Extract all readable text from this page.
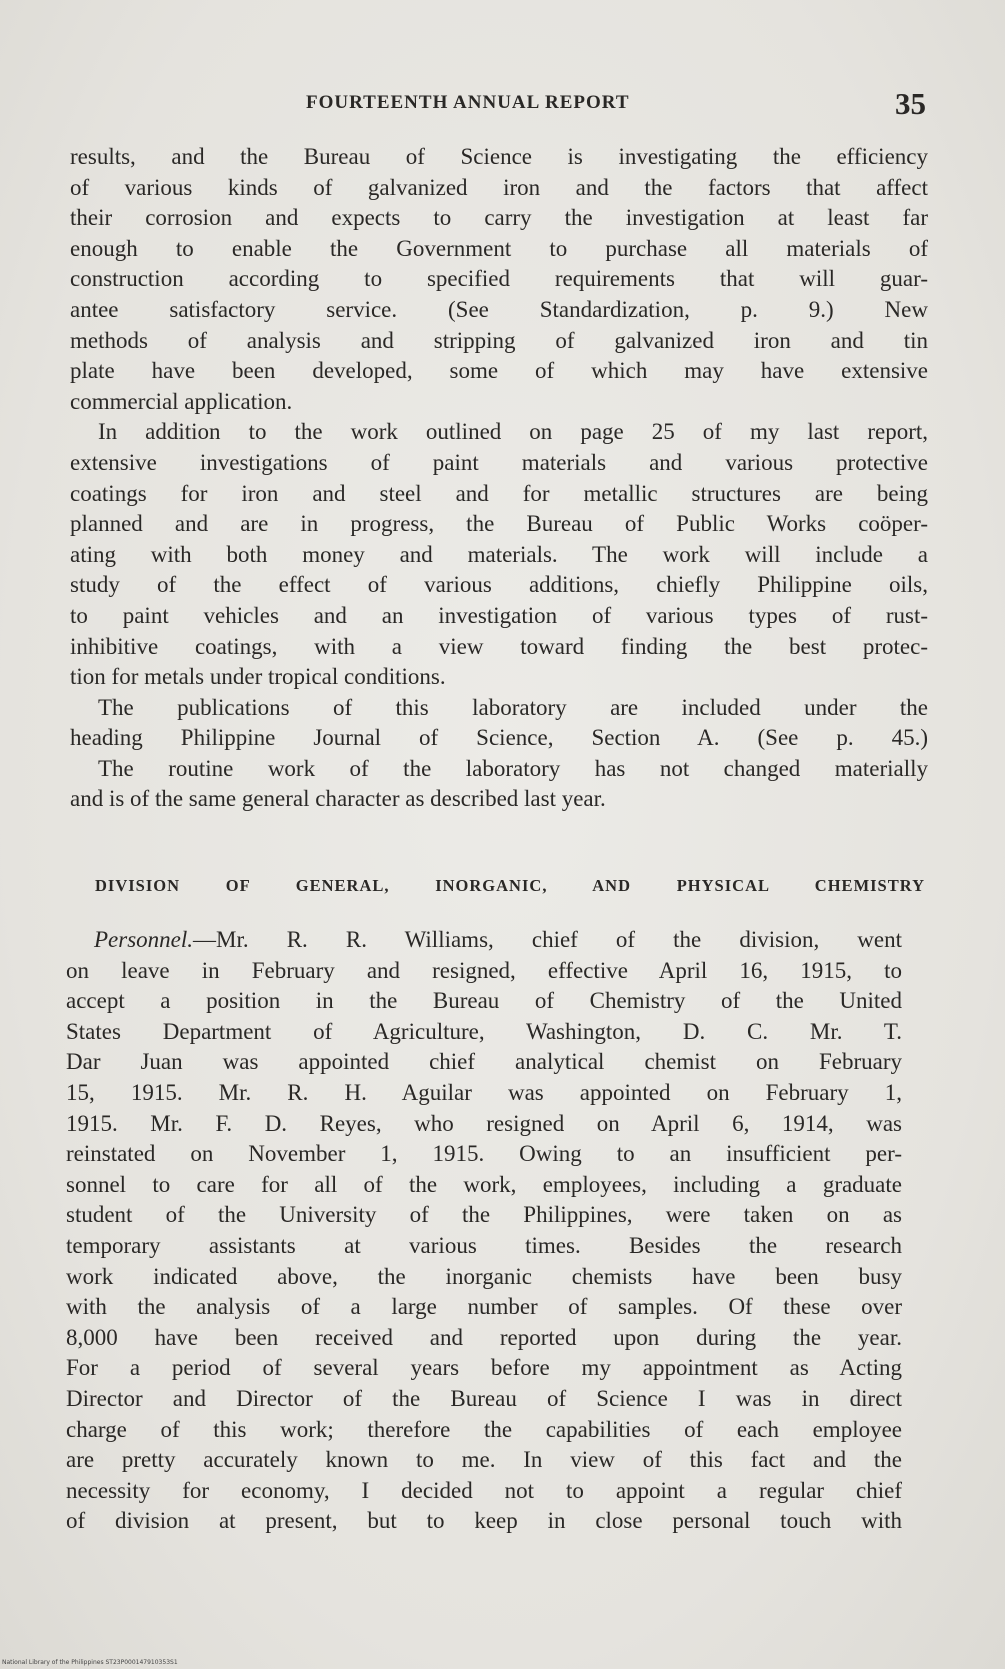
FOURTEENTH ANNUAL REPORT	35
results, and the Bureau of Science is investigating the efficiency
of various kinds of galvanized iron and the factors that affect
their corrosion and expects to carry the investigation at least far
enough to enable the Government to purchase all materials of
construction according to specified requirements that will guar-
antee satisfactory service. (See Standardization, p. 9.) New
methods of analysis and stripping of galvanized iron and tin
plate have been developed, some of which may have extensive
commercial application.
In addition to the work outlined on page 25 of my last report,
extensive investigations of paint materials and various protective
coatings for iron and steel and for metallic structures are being
planned and are in progress, the Bureau of Public Works coöper-
ating with both money and materials. The work will include a
study of the effect of various additions, chiefly Philippine oils,
to paint vehicles and an investigation of various types of rust-
inhibitive coatings, with a view toward finding the best protec-
tion for metals under tropical conditions.
The publications of this laboratory are included under the
heading Philippine Journal of Science, Section A. (See p. 45.)
The routine work of the laboratory has not changed materially
and is of the same general character as described last year.
DIVISION OF GENERAL, INORGANIC, AND PHYSICAL CHEMISTRY
Personnel.—Mr. R. R. Williams, chief of the division, went
on leave in February and resigned, effective April 16, 1915, to
accept a position in the Bureau of Chemistry of the United
States Department of Agriculture, Washington, D. C. Mr. T.
Dar Juan was appointed chief analytical chemist on February
15, 1915. Mr. R. H. Aguilar was appointed on February 1,
1915. Mr. F. D. Reyes, who resigned on April 6, 1914, was
reinstated on November 1, 1915. Owing to an insufficient per-
sonnel to care for all of the work, employees, including a graduate
student of the University of the Philippines, were taken on as
temporary assistants at various times. Besides the research
work indicated above, the inorganic chemists have been busy
with the analysis of a large number of samples. Of these over
8,000 have been received and reported upon during the year.
For a period of several years before my appointment as Acting
Director and Director of the Bureau of Science I was in direct
charge of this work; therefore the capabilities of each employee
are pretty accurately known to me. In view of this fact and the
necessity for economy, I decided not to appoint a regular chief
of division at present, but to keep in close personal touch with
National Library of the Philippines ST23P000147910353S1
